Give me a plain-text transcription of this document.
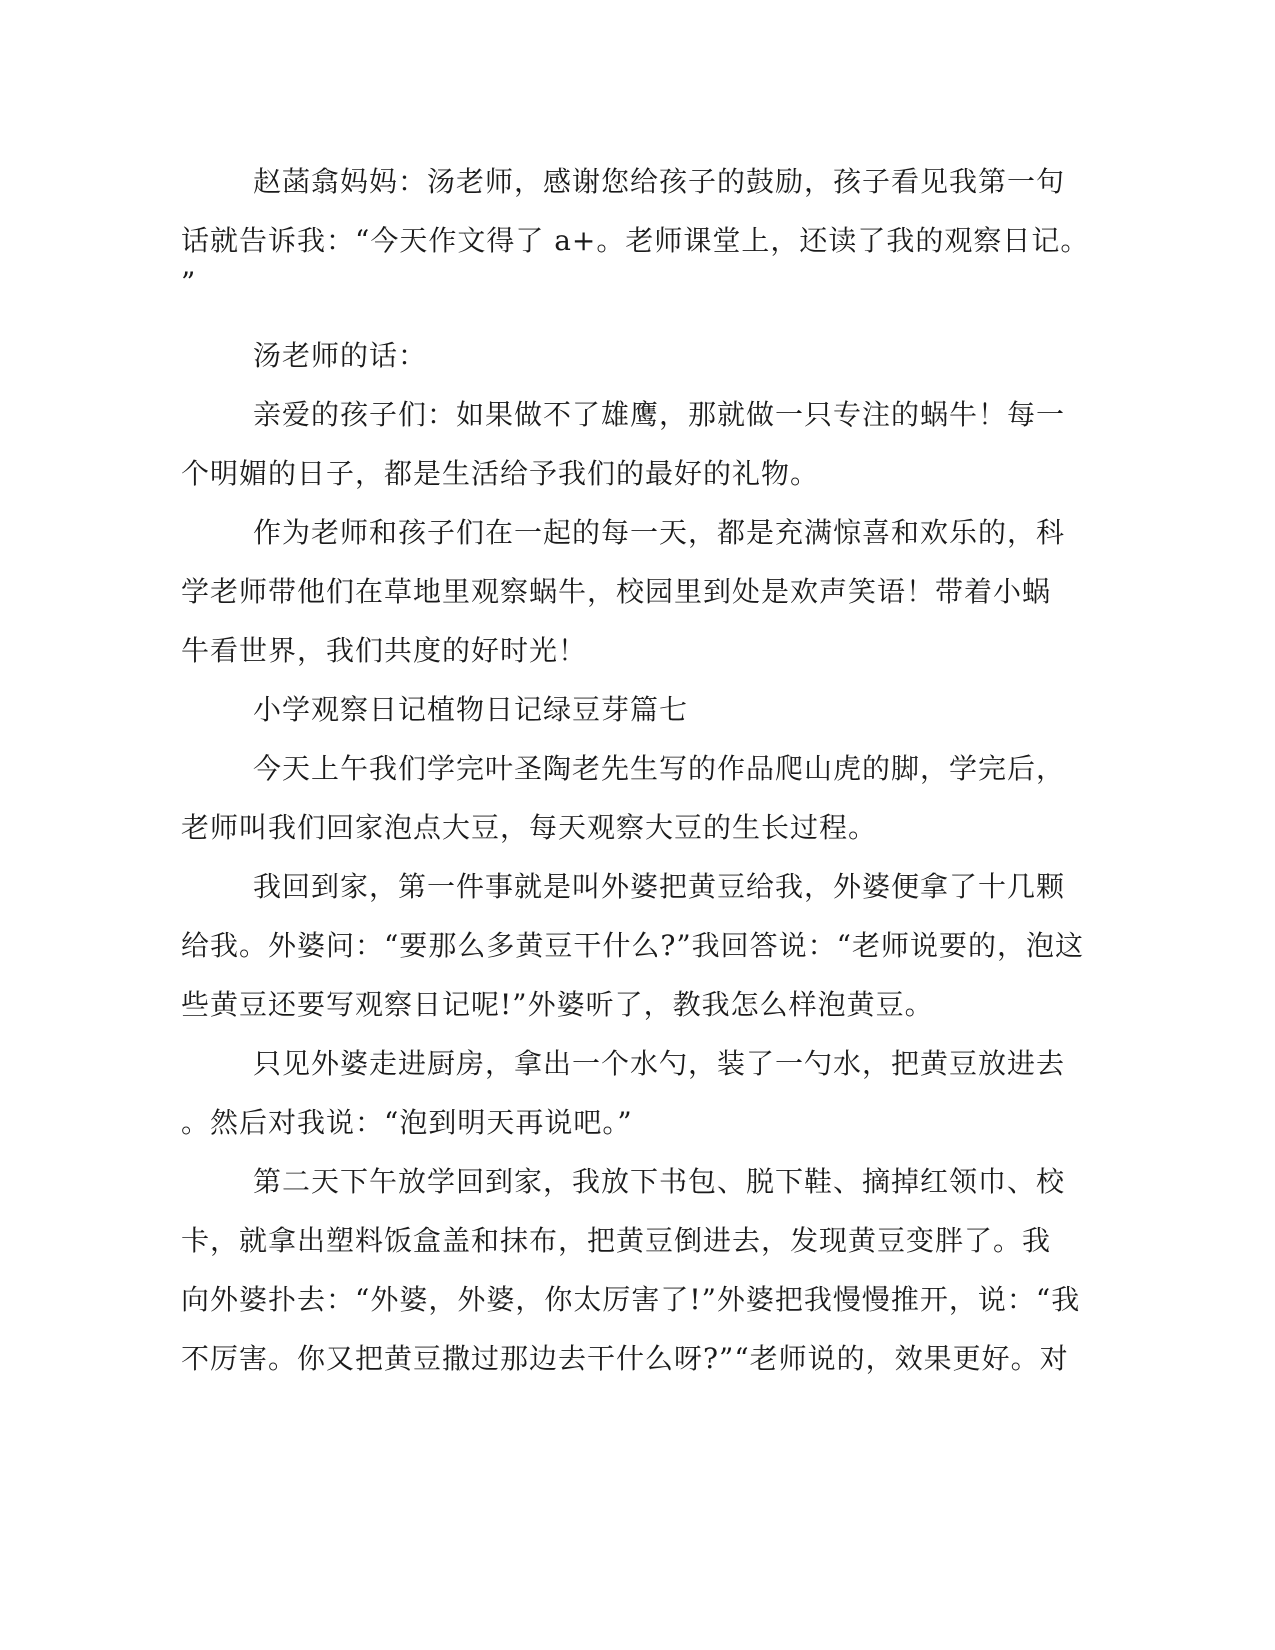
赵菡翕妈妈：汤老师，感谢您给孩子的鼓励，孩子看见我第一句
话就告诉我：“今天作文得了 a+。老师课堂上，还读了我的观察日记。
”
汤老师的话：
亲爱的孩子们：如果做不了雄鹰，那就做一只专注的蜗牛！每一
个明媚的日子，都是生活给予我们的最好的礼物。
作为老师和孩子们在一起的每一天，都是充满惊喜和欢乐的，科
学老师带他们在草地里观察蜗牛，校园里到处是欢声笑语！带着小蜗
牛看世界，我们共度的好时光！
小学观察日记植物日记绿豆芽篇七
今天上午我们学完叶圣陶老先生写的作品爬山虎的脚，学完后，
老师叫我们回家泡点大豆，每天观察大豆的生长过程。
我回到家，第一件事就是叫外婆把黄豆给我，外婆便拿了十几颗
给我。外婆问：“要那么多黄豆干什么?”我回答说：“老师说要的，泡这
些黄豆还要写观察日记呢!”外婆听了，教我怎么样泡黄豆。
只见外婆走进厨房，拿出一个水勺，装了一勺水，把黄豆放进去
。然后对我说：“泡到明天再说吧。”
第二天下午放学回到家，我放下书包、脱下鞋、摘掉红领巾、校
卡，就拿出塑料饭盒盖和抹布，把黄豆倒进去，发现黄豆变胖了。我
向外婆扑去：“外婆，外婆，你太厉害了!”外婆把我慢慢推开，说：“我
不厉害。你又把黄豆撒过那边去干什么呀?”“老师说的，效果更好。对
